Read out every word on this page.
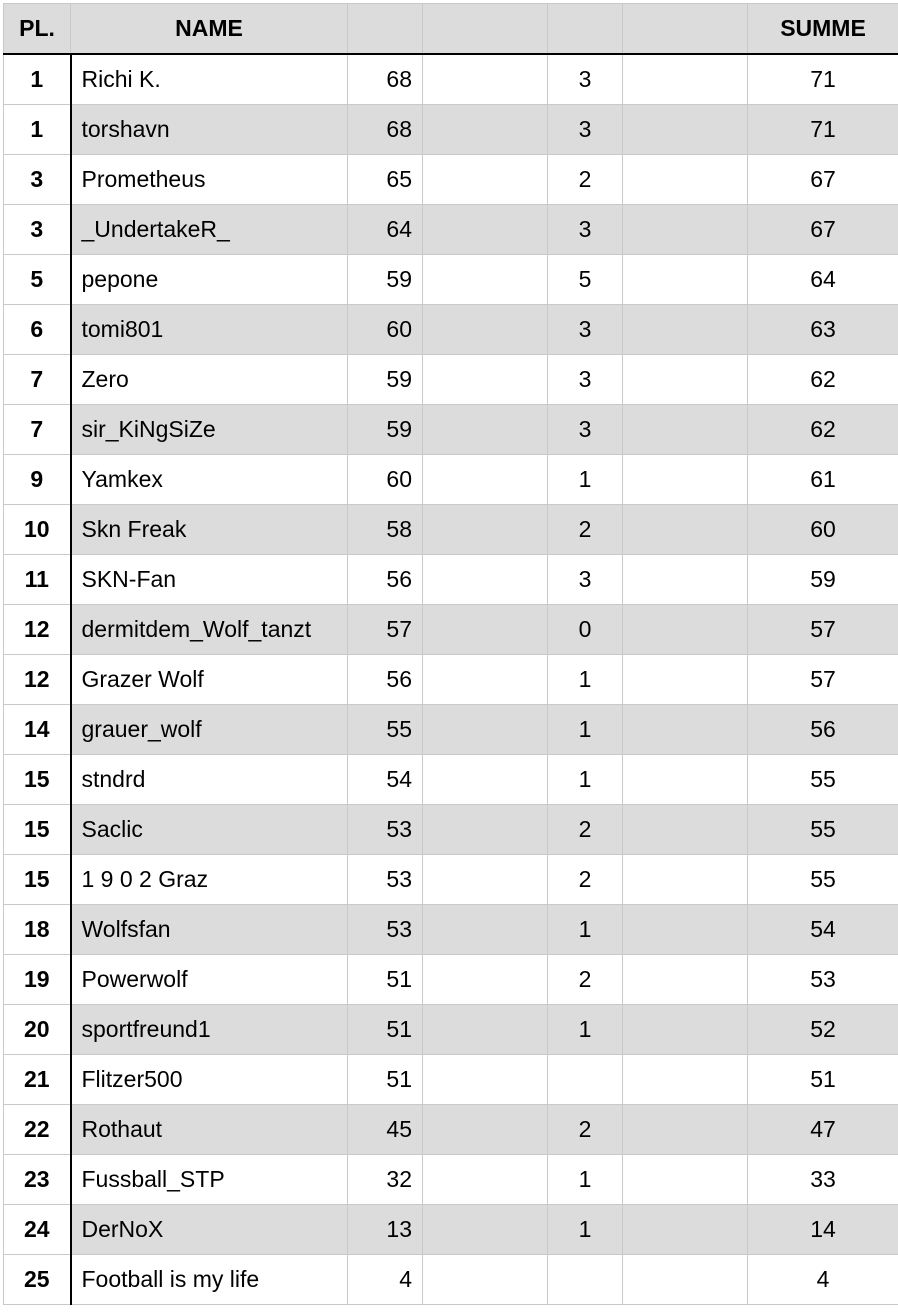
PL.	NAME					SUMME
1	Richi K.	68		3		71
1	torshavn	68		3		71
3	Prometheus	65		2		67
3	_UndertakeR_	64		3		67
5	pepone	59		5		64
6	tomi801	60		3		63
7	Zero	59		3		62
7	sir_KiNgSiZe	59		3		62
9	Yamkex	60		1		61
10	Skn Freak	58		2		60
11	SKN-Fan	56		3		59
12	dermitdem_Wolf_tanzt	57		0		57
12	Grazer Wolf	56		1		57
14	grauer_wolf	55		1		56
15	stndrd	54		1		55
15	Saclic	53		2		55
15	1 9 0 2 Graz	53		2		55
18	Wolfsfan	53		1		54
19	Powerwolf	51		2		53
20	sportfreund1	51		1		52
21	Flitzer500	51				51
22	Rothaut	45		2		47
23	Fussball_STP	32		1		33
24	DerNoX	13		1		14
25	Football is my life	4				4
